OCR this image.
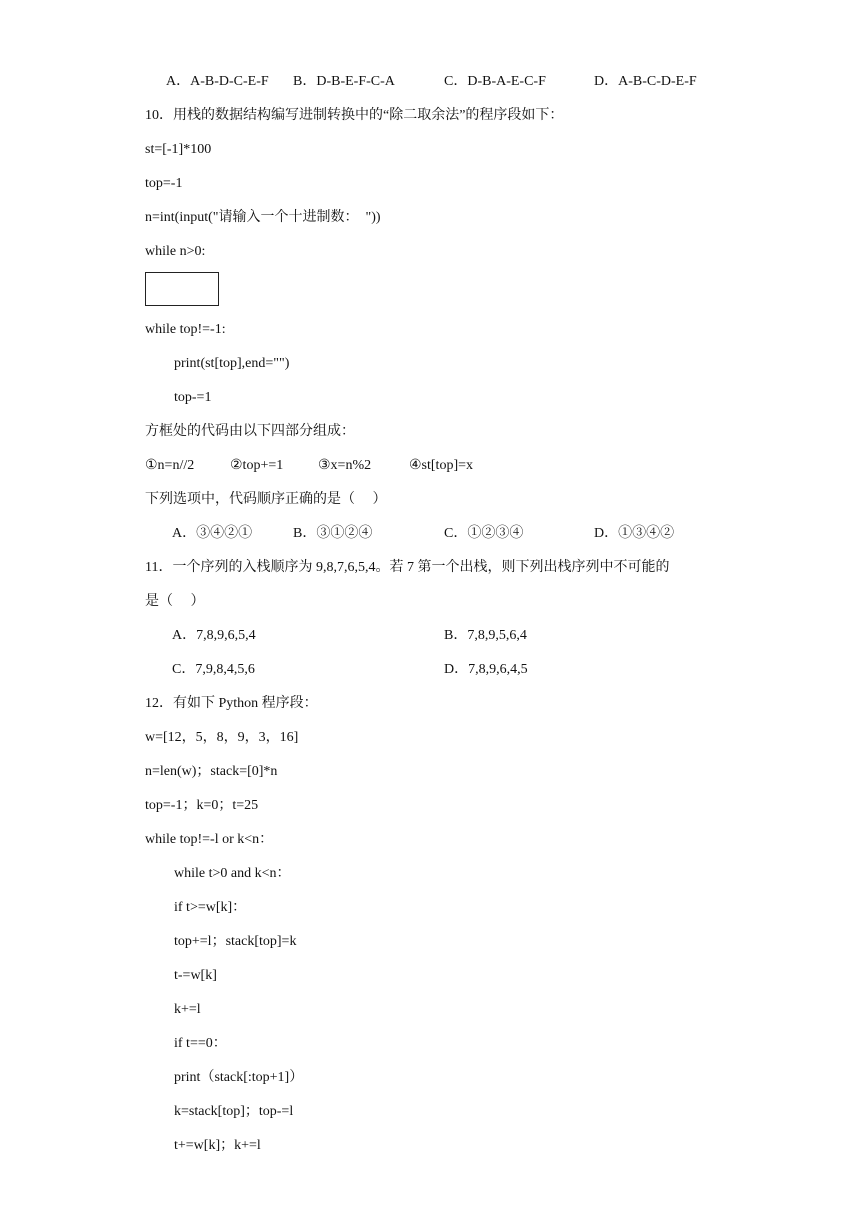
A．A-B-D-C-E-F B．D-B-E-F-C-A	C．D-B-A-E-C-F	D．A-B-C-D-E-F
10．用栈的数据结构编写进制转换中的“除二取余法”的程序段如下：
st=[-1]*100
top=-1
n=int(input("请输入一个十进制数：  "))
while n>0:
while top!=-1:
print(st[top],end="")
top-=1
方框处的代码由以下四部分组成：
①n=n//2	②top+=1 ③x=n%2	④st[top]=x
下列选项中，代码顺序正确的是（     ）
A．③④②①	B．③①②④	C．①②③④	D．①③④②
11．一个序列的入栈顺序为 9,8,7,6,5,4。若 7 第一个出栈，则下列出栈序列中不可能的
是（     ）
A．7,8,9,6,5,4	B．7,8,9,5,6,4
C．7,9,8,4,5,6	D．7,8,9,6,4,5
12．有如下 Python 程序段：
w=[12，5，8，9，3，16]
n=len(w)；stack=[0]*n
top=-1；k=0；t=25
while top!=-l or k<n：
while t>0 and k<n：
if t>=w[k]：
top+=l；stack[top]=k
t-=w[k]
k+=l
if t==0：
print（stack[:top+1]）
k=stack[top]；top-=l
t+=w[k]；k+=l
